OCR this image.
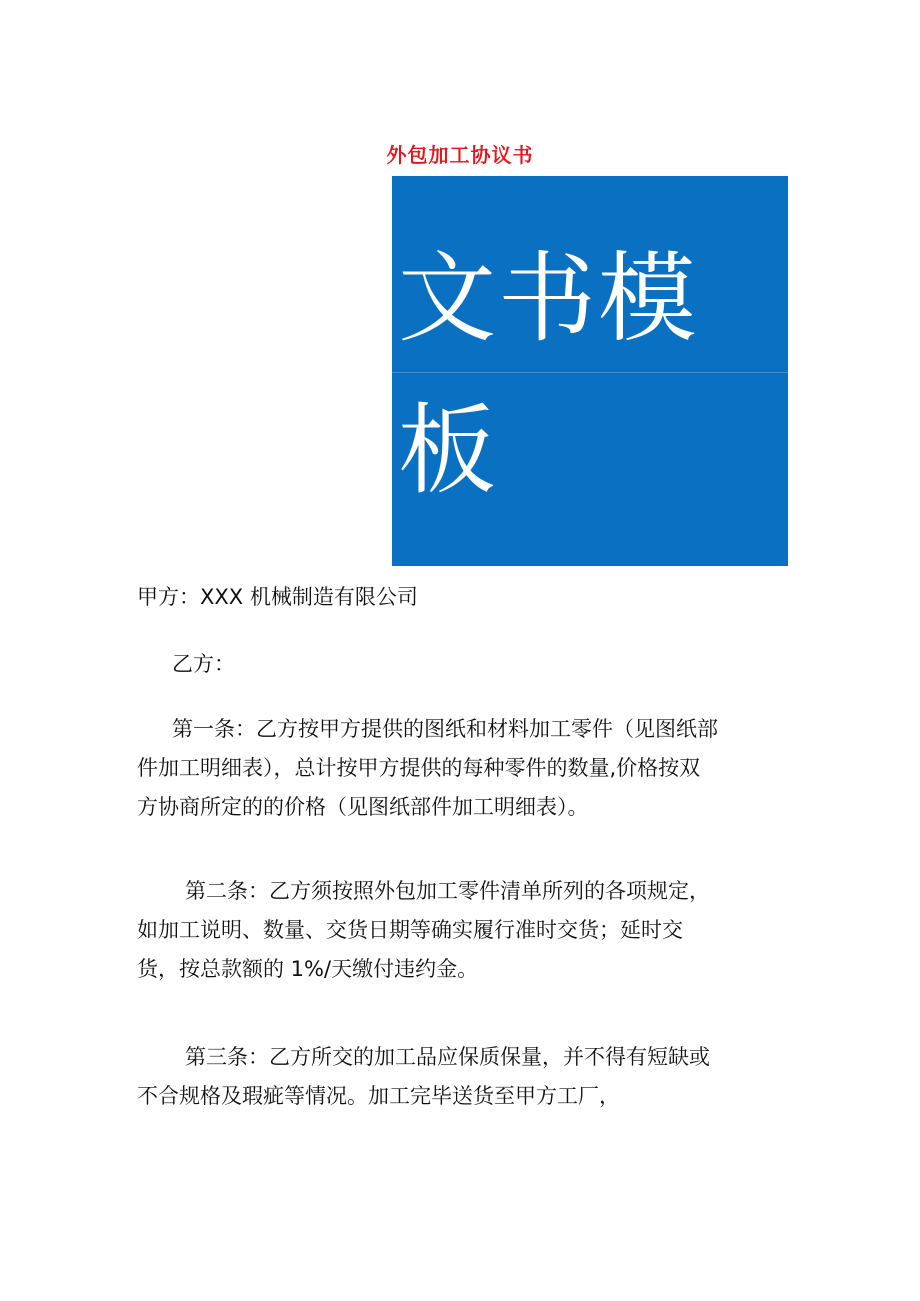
外包加工协议书
文书模
板
甲方：XXX 机械制造有限公司
乙方：
第一条：乙方按甲方提供的图纸和材料加工零件（见图纸部
件加工明细表），总计按甲方提供的每种零件的数量,价格按双
方协商所定的的价格（见图纸部件加工明细表）。
第二条：乙方须按照外包加工零件清单所列的各项规定，
如加工说明、数量、交货日期等确实履行准时交货；延时交
货，按总款额的 1%/天缴付违约金。
第三条：乙方所交的加工品应保质保量，并不得有短缺或
不合规格及瑕疵等情况。加工完毕送货至甲方工厂，
